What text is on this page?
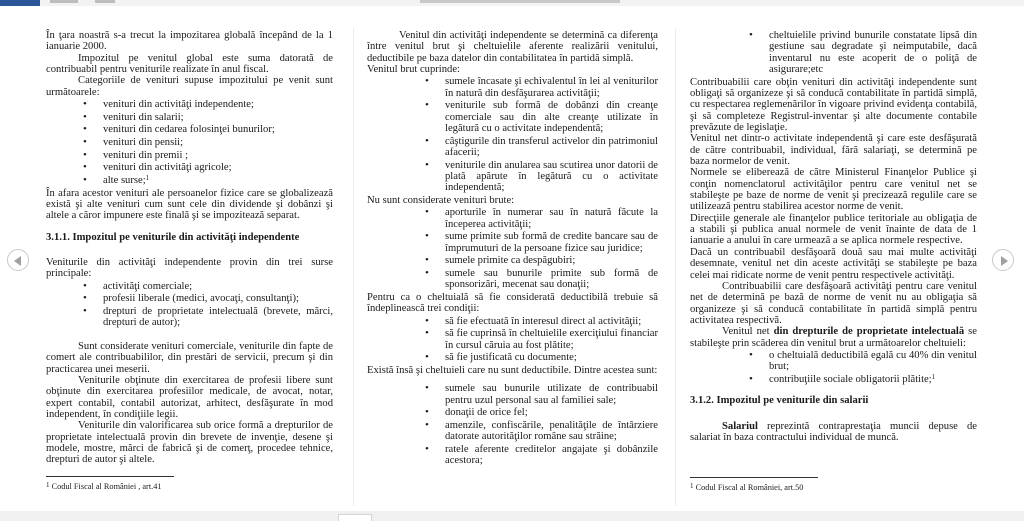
În ţara noastră s-a trecut la impozitarea globală începând de la 1 ianuarie 2000.

Impozitul pe venitul global este suma datorată de contribuabil pentru veniturile realizate în anul fiscal.

Categoriile de venituri supuse impozitului pe venit sunt următoarele:

• venituri din activităţi independente;
• venituri din salarii;
• venituri din cedarea folosinţei bunurilor;
• venituri din pensii;
• venituri din premii ;
• venituri din activităţi agricole;
• alte surse;$^1$

În afara acestor venituri ale persoanelor fizice care se globalizează există şi alte venituri cum sunt cele din dividende şi dobânzi şi altele a căror impunere este finală şi se impozitează separat.

3.1.1. Impozitul pe veniturile din activităţi independente

Veniturile din activităţi independente provin din trei surse principale:

• activităţi comerciale;
• profesii liberale (medici, avocaţi, consultanţi);
• drepturi de proprietate intelectuală (brevete, mărci, drepturi de autor);

Sunt considerate venituri comerciale, veniturile din fapte de comert ale contribuabililor, din prestări de servicii, precum şi din practicarea unei meserii.

Veniturile obţinute din exercitarea de profesii libere sunt obţinute din exercitarea profesiilor medicale, de avocat, notar, expert contabil, contabil autorizat, arhitect, desfăşurate în mod independent, în condiţiile legii.

Veniturile din valorificarea sub orice formă a drepturilor de proprietate intelectuală provin din brevete de invenţie, desene şi modele, mostre, mărci de fabrică şi de comerţ, procedee tehnice, drepturi de autor şi altele.

$^1$ Codul Fiscal al României , art.41

Venitul din activităţi independente se determină ca diferenţa între venitul brut şi cheltuielile aferente realizării venitului, deductibile pe baza datelor din contabilitatea în partidă simplă.

Venitul brut cuprinde:

• sumele încasate şi echivalentul în lei al veniturilor în natură din desfăşurarea activităţii;
• veniturile sub formă de dobânzi din creanţe comerciale sau din alte creanţe utilizate în legătură cu o activitate independentă;
• câştigurile din transferul activelor din patrimoniul afacerii;
• veniturile din anularea sau scutirea unor datorii de plată apărute în legătură cu o activitate independentă;

Nu sunt considerate venituri brute:

• aporturile în numerar sau în natură făcute la începerea activităţii;
• sume primite sub formă de credite bancare sau de împrumuturi de la persoane fizice sau juridice;
• sumele primite ca despăgubiri;
• sumele sau bunurile primite sub formă de sponsorizări, mecenat sau donaţii;

Pentru ca o cheltuială să fie considerată deductibilă trebuie să îndeplinească trei condiţii:

• să fie efectuată în interesul direct al activităţii;
• să fie cuprinsă în cheltuielile exerciţiului financiar în cursul căruia au fost plătite;
• să fie justificată cu documente;

Există însă şi cheltuieli care nu sunt deductibile. Dintre acestea sunt:

• sumele sau bunurile utilizate de contribuabil pentru uzul personal sau al familiei sale;
• donaţii de orice fel;
• amenzile, confiscările, penalităţile de întârziere datorate autorităţilor române sau străine;
• ratele aferente creditelor angajate şi dobânzile acestora;
• cheltuielile privind bunurile constatate lipsă din gestiune sau degradate şi neimputabile, dacă inventarul nu este acoperit de o poliţă de asigurare;etc

Contribuabilii care obţin venituri din activităţi independente sunt obligaţi să organizeze şi să conducă contabilitate în partidă simplă, cu respectarea reglemenărilor în vigoare privind evidenţa contabilă, şi să completeze Registrul-inventar şi alte documente contabile prevăzute de legislaţie.

Venitul net dintr-o activitate independentă şi care este desfăşurată de către contribuabil, individual, fără salariaţi, se determină pe baza normelor de venit.

Normele se eliberează de către Ministerul Finanţelor Publice şi conţin nomenclatorul activităţilor pentru care venitul net se stabileşte pe baze de norme de venit şi precizează regulile care se utilizează pentru stabilirea acestor norme de venit.

Direcţiile generale ale finanţelor publice teritoriale au obligaţia de a stabili şi publica anual normele de venit înainte de data de 1 ianuarie a anului în care urmează a se aplica normele respective.

Dacă un contribuabil desfăşoară două sau mai multe activităţi desemnate, venitul net din aceste activităţi se stabileşte pe baza celei mai ridicate norme de venit pentru respectivele activităţi.

Contribuabilii care desfăşoară activităţi pentru care venitul net de determină pe bază de norme de venit nu au obligaţia să organizeze şi să conducă contabilitate în partidă simplă pentru activitatea respectivă.

Venitul net din drepturile de proprietate intelectuală se stabileşte prin scăderea din venitul brut a următoarelor cheltuieli:

• o cheltuială deductibilă egală cu 40% din venitul brut;
• contribuţiile sociale obligatorii plătite;$^1$
3.1.2. Impozitul pe veniturile din salarii

Salariul reprezintă contraprestaţia muncii depuse de salariat în baza contractului individual de muncă.

$^1$ Codul Fiscal al României, art.50
